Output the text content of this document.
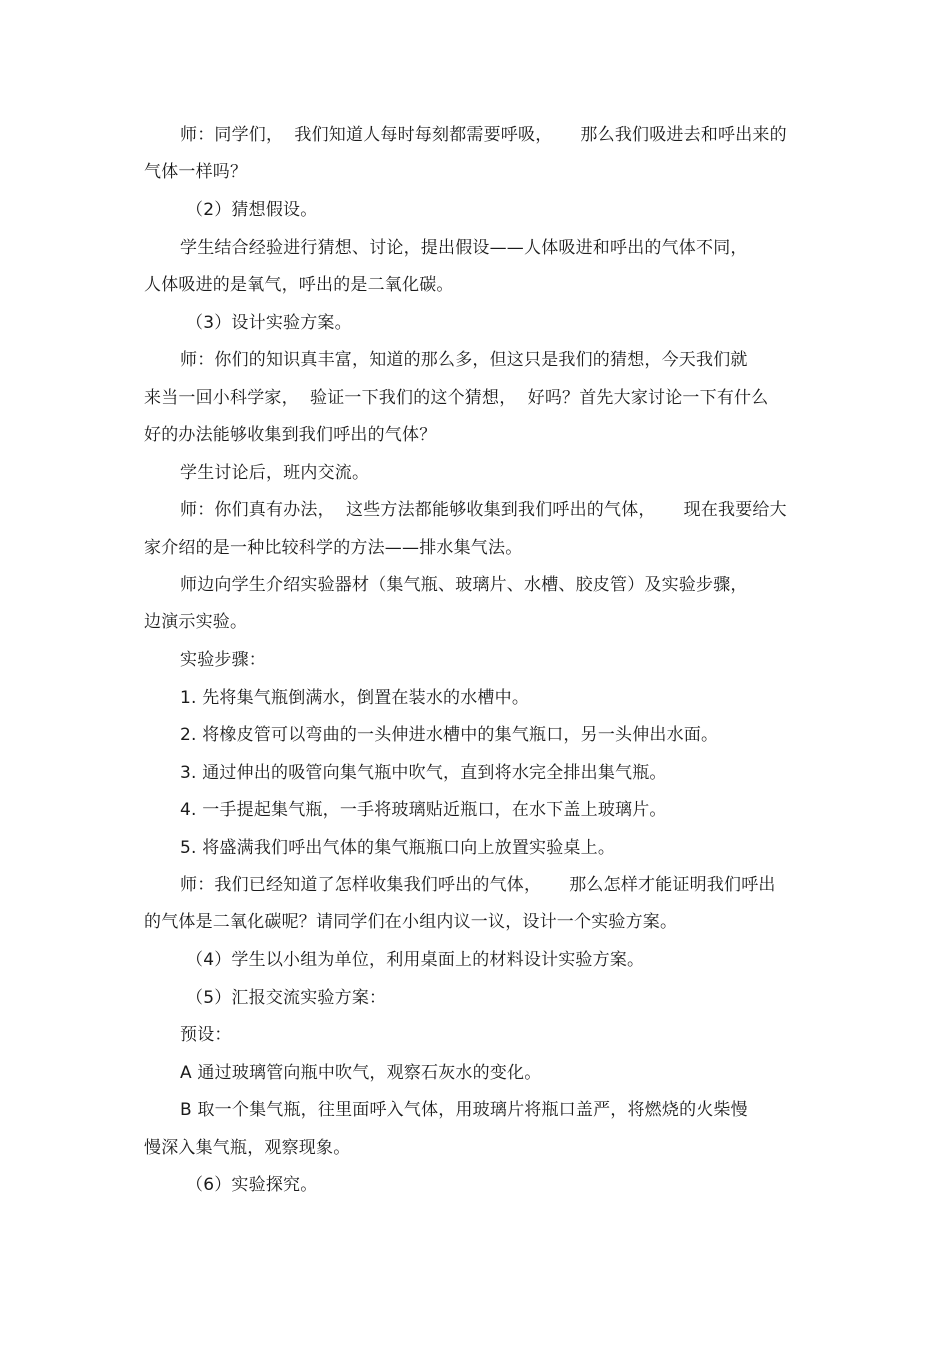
师：同学们，  我们知道人每时每刻都需要呼吸，     那么我们吸进去和呼出来的
气体一样吗？
（2）猜想假设。
学生结合经验进行猜想、讨论，提出假设——人体吸进和呼出的气体不同，
人体吸进的是氧气，呼出的是二氧化碳。
（3）设计实验方案。
师：你们的知识真丰富，知道的那么多，但这只是我们的猜想，今天我们就
来当一回小科学家，  验证一下我们的这个猜想，  好吗？首先大家讨论一下有什么
好的办法能够收集到我们呼出的气体？
学生讨论后，班内交流。
师：你们真有办法，  这些方法都能够收集到我们呼出的气体，     现在我要给大
家介绍的是一种比较科学的方法——排水集气法。
师边向学生介绍实验器材（集气瓶、玻璃片、水槽、胶皮管）及实验步骤，
边演示实验。
实验步骤：
1. 先将集气瓶倒满水，倒置在装水的水槽中。
2. 将橡皮管可以弯曲的一头伸进水槽中的集气瓶口，另一头伸出水面。
3. 通过伸出的吸管向集气瓶中吹气，直到将水完全排出集气瓶。
4. 一手提起集气瓶，一手将玻璃贴近瓶口，在水下盖上玻璃片。
5. 将盛满我们呼出气体的集气瓶瓶口向上放置实验桌上。
师：我们已经知道了怎样收集我们呼出的气体，     那么怎样才能证明我们呼出
的气体是二氧化碳呢？请同学们在小组内议一议，设计一个实验方案。
（4）学生以小组为单位，利用桌面上的材料设计实验方案。
（5）汇报交流实验方案：
预设：
A 通过玻璃管向瓶中吹气，观察石灰水的变化。
B 取一个集气瓶，往里面呼入气体，用玻璃片将瓶口盖严，将燃烧的火柴慢
慢深入集气瓶，观察现象。
（6）实验探究。
